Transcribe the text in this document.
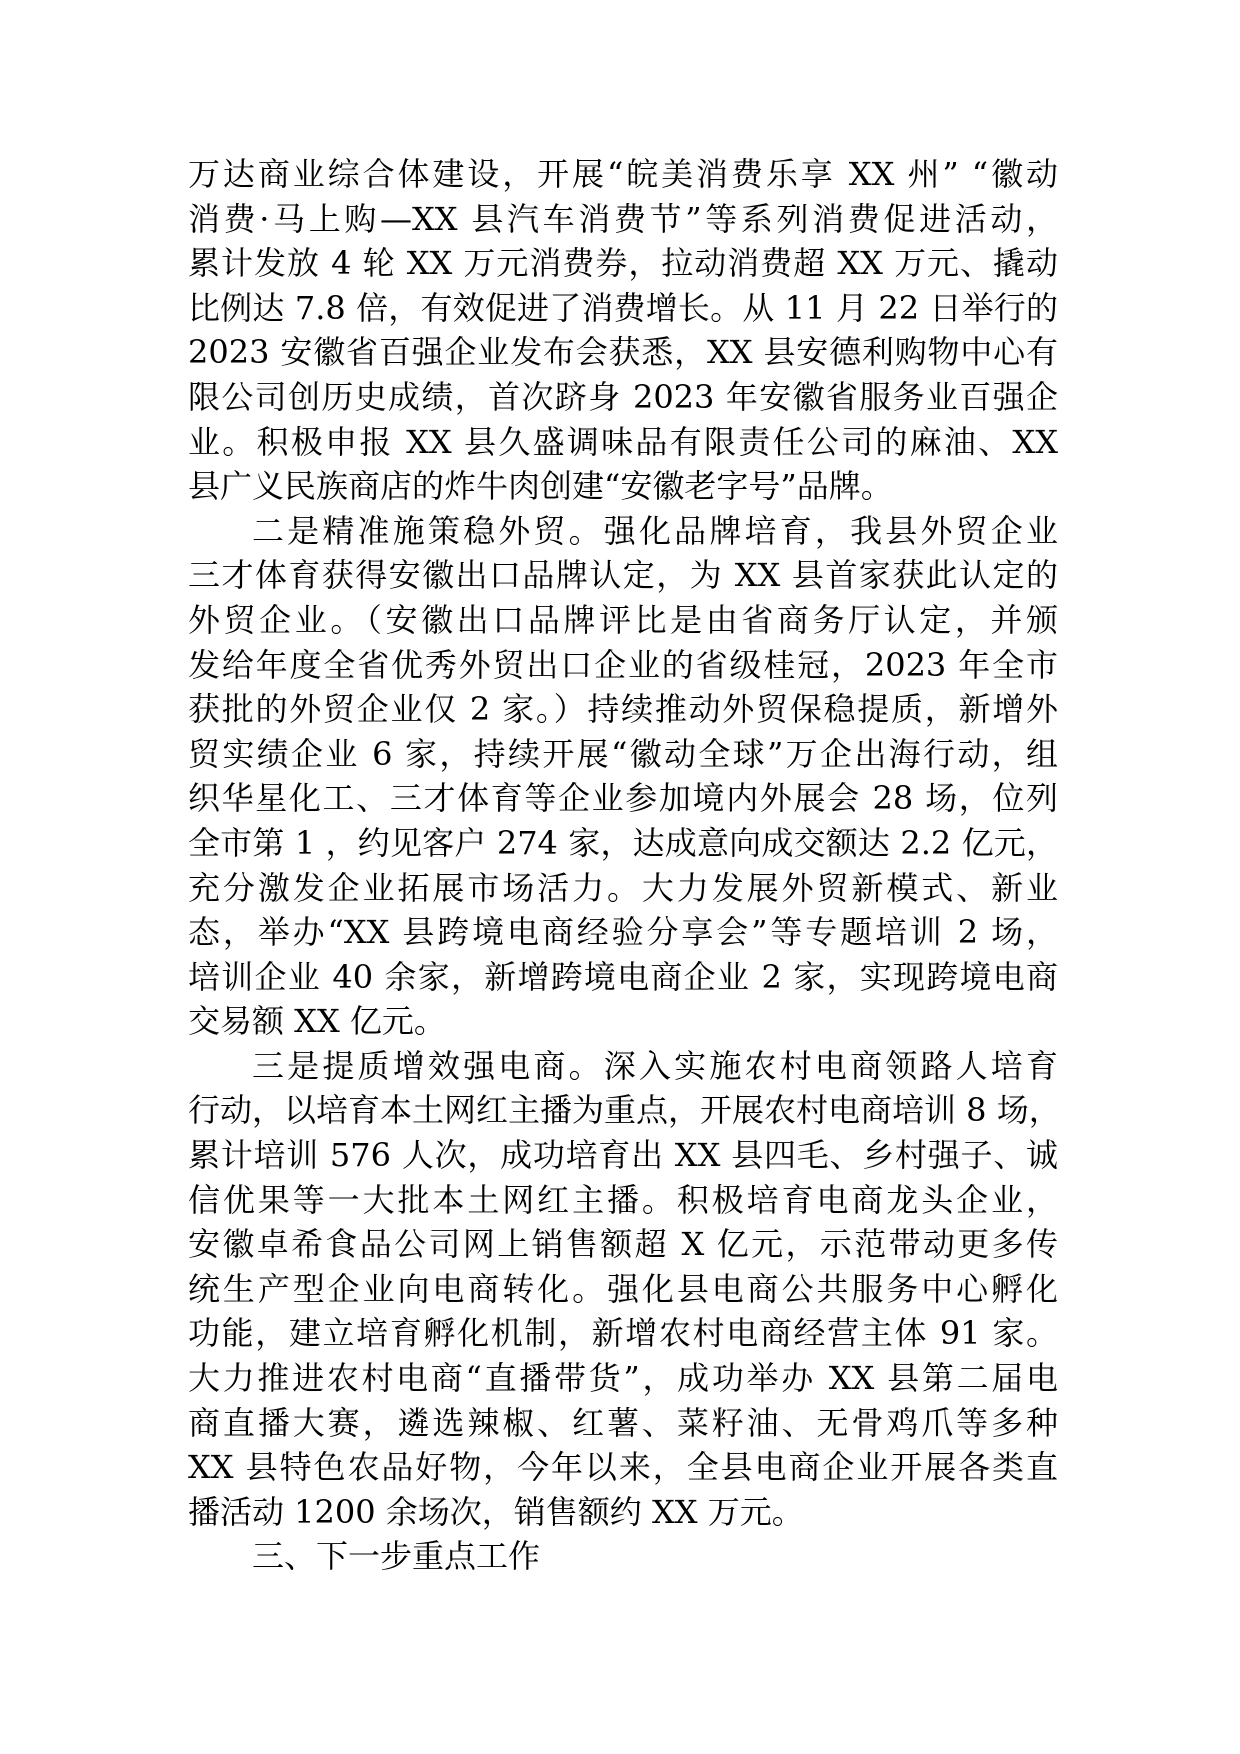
万达商业综合体建设，开展“皖美消费乐享 XX 州” “徽动
消费·马上购—XX 县汽车消费节”等系列消费促进活动，
累计发放 4 轮 XX 万元消费券，拉动消费超 XX 万元、撬动
比例达 7.8 倍，有效促进了消费增长。从 11 月 22 日举行的
2023 安徽省百强企业发布会获悉，XX 县安德利购物中心有
限公司创历史成绩，首次跻身 2023 年安徽省服务业百强企
业。积极申报 XX 县久盛调味品有限责任公司的麻油、XX
县广义民族商店的炸牛肉创建“安徽老字号”品牌。
二是精准施策稳外贸。强化品牌培育，我县外贸企业
三才体育获得安徽出口品牌认定，为 XX 县首家获此认定的
外贸企业。（安徽出口品牌评比是由省商务厅认定，并颁
发给年度全省优秀外贸出口企业的省级桂冠，2023 年全市
获批的外贸企业仅 2 家。）持续推动外贸保稳提质，新增外
贸实绩企业 6 家，持续开展“徽动全球”万企出海行动，组
织华星化工、三才体育等企业参加境内外展会 28 场，位列
全市第 1 ，约见客户 274 家，达成意向成交额达 2.2 亿元，
充分激发企业拓展市场活力。大力发展外贸新模式、新业
态，举办“XX 县跨境电商经验分享会”等专题培训 2 场，
培训企业 40 余家，新增跨境电商企业 2 家，实现跨境电商
交易额 XX 亿元。
三是提质增效强电商。深入实施农村电商领路人培育
行动，以培育本土网红主播为重点，开展农村电商培训 8 场，
累计培训 576 人次，成功培育出 XX 县四毛、乡村强子、诚
信优果等一大批本土网红主播。积极培育电商龙头企业，
安徽卓希食品公司网上销售额超 X 亿元，示范带动更多传
统生产型企业向电商转化。强化县电商公共服务中心孵化
功能，建立培育孵化机制，新增农村电商经营主体 91 家。
大力推进农村电商“直播带货”，成功举办 XX 县第二届电
商直播大赛，遴选辣椒、红薯、菜籽油、无骨鸡爪等多种
XX 县特色农品好物，今年以来，全县电商企业开展各类直
播活动 1200 余场次，销售额约 XX 万元。
三、下一步重点工作
